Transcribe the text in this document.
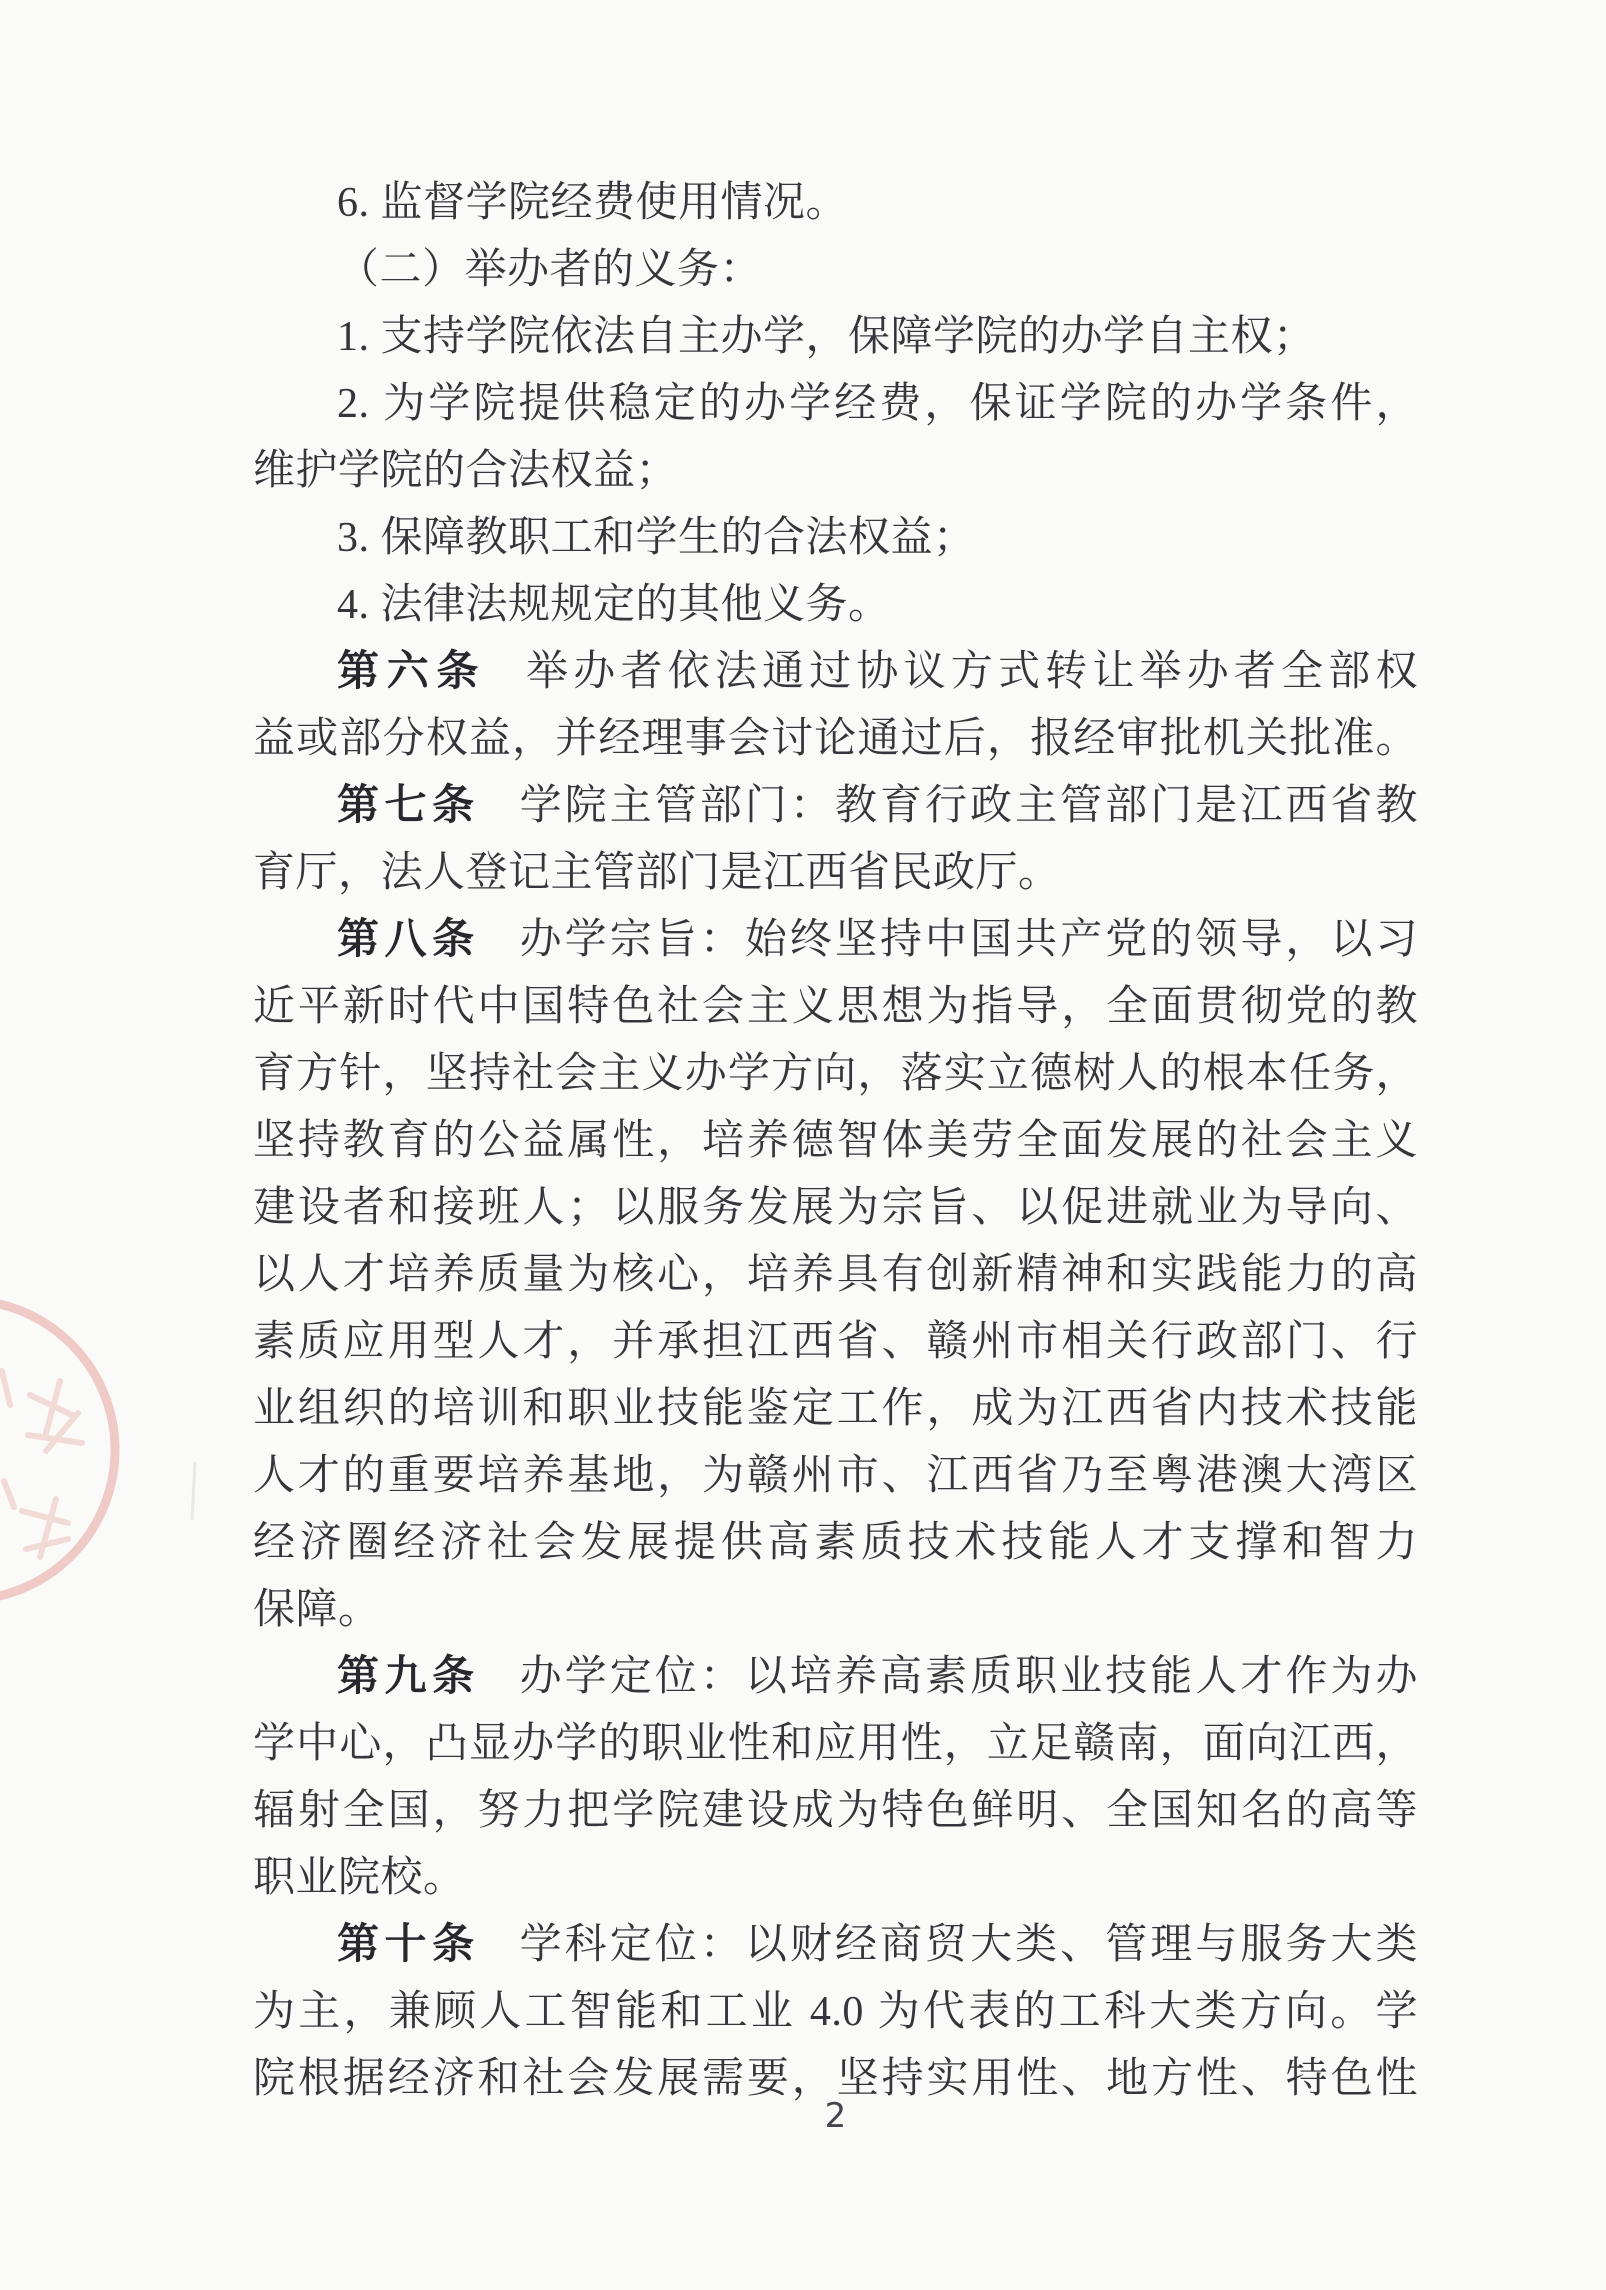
6. 监督学院经费使用情况。
（二）举办者的义务：
1. 支持学院依法自主办学，保障学院的办学自主权；
2. 为学院提供稳定的办学经费，保证学院的办学条件，
维护学院的合法权益；
3. 保障教职工和学生的合法权益；
4. 法律法规规定的其他义务。
第六条 举办者依法通过协议方式转让举办者全部权
益或部分权益，并经理事会讨论通过后，报经审批机关批准。
第七条 学院主管部门：教育行政主管部门是江西省教
育厅，法人登记主管部门是江西省民政厅。
第八条 办学宗旨：始终坚持中国共产党的领导，以习
近平新时代中国特色社会主义思想为指导，全面贯彻党的教
育方针，坚持社会主义办学方向，落实立德树人的根本任务，
坚持教育的公益属性，培养德智体美劳全面发展的社会主义
建设者和接班人；以服务发展为宗旨、以促进就业为导向、
以人才培养质量为核心，培养具有创新精神和实践能力的高
素质应用型人才，并承担江西省、赣州市相关行政部门、行
业组织的培训和职业技能鉴定工作，成为江西省内技术技能
人才的重要培养基地，为赣州市、江西省乃至粤港澳大湾区
经济圈经济社会发展提供高素质技术技能人才支撑和智力
保障。
第九条 办学定位：以培养高素质职业技能人才作为办
学中心，凸显办学的职业性和应用性，立足赣南，面向江西，
辐射全国，努力把学院建设成为特色鲜明、全国知名的高等
职业院校。
第十条 学科定位：以财经商贸大类、管理与服务大类
为主，兼顾人工智能和工业 4.0 为代表的工科大类方向。学
院根据经济和社会发展需要，坚持实用性、地方性、特色性
2
